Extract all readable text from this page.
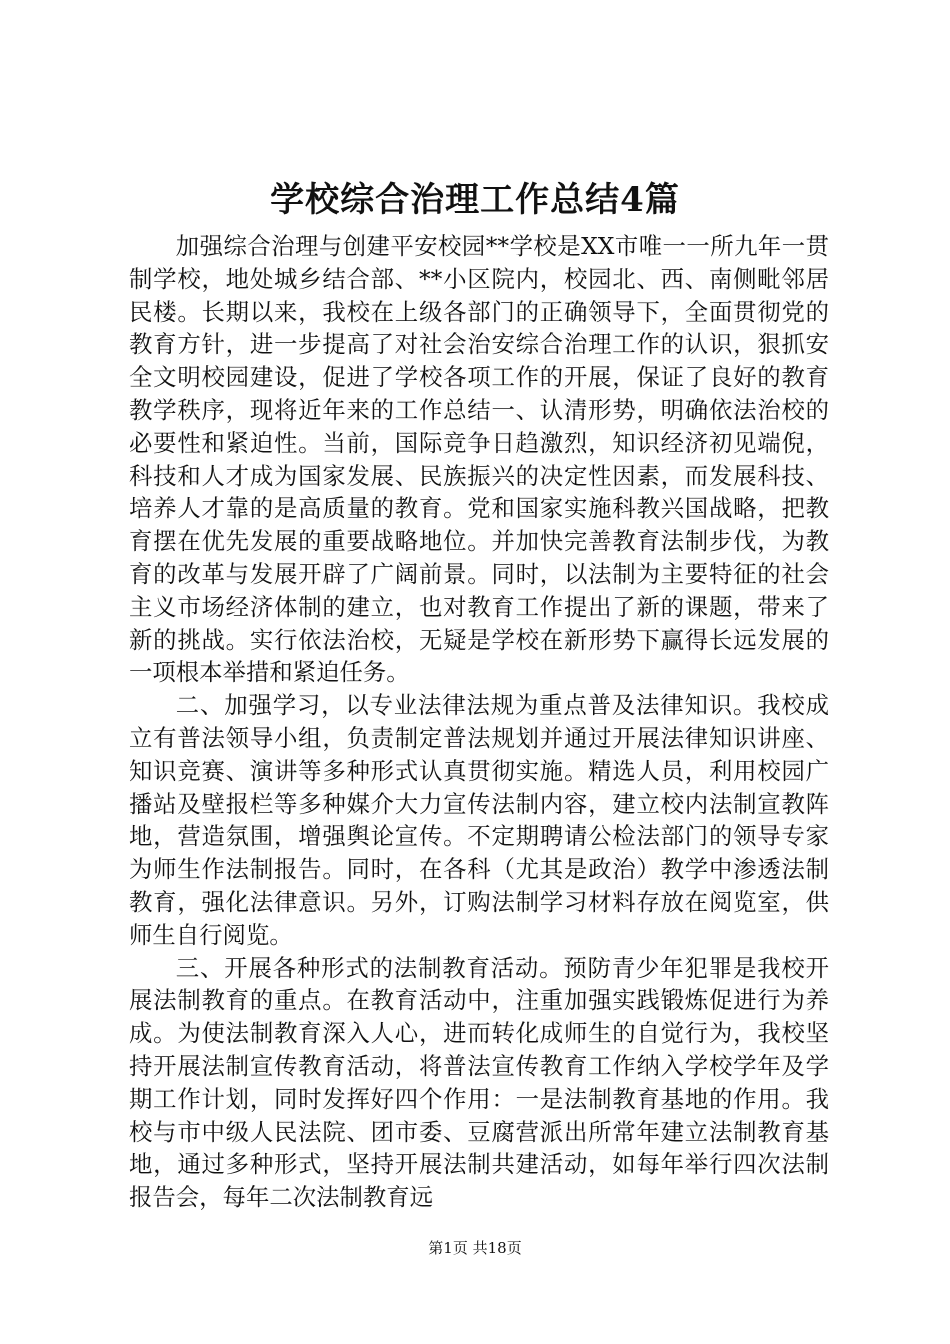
学校综合治理工作总结4篇

加强综合治理与创建平安校园**学校是XX市唯一一所九年一贯制学校，地处城乡结合部、**小区院内，校园北、西、南侧毗邻居民楼。长期以来，我校在上级各部门的正确领导下，全面贯彻党的教育方针，进一步提高了对社会治安综合治理工作的认识，狠抓安全文明校园建设，促进了学校各项工作的开展，保证了良好的教育教学秩序，现将近年来的工作总结一、认清形势，明确依法治校的必要性和紧迫性。当前，国际竞争日趋激烈，知识经济初见端倪，科技和人才成为国家发展、民族振兴的决定性因素，而发展科技、培养人才靠的是高质量的教育。党和国家实施科教兴国战略，把教育摆在优先发展的重要战略地位。并加快完善教育法制步伐，为教育的改革与发展开辟了广阔前景。同时，以法制为主要特征的社会主义市场经济体制的建立，也对教育工作提出了新的课题，带来了新的挑战。实行依法治校，无疑是学校在新形势下赢得长远发展的一项根本举措和紧迫任务。

二、加强学习，以专业法律法规为重点普及法律知识。我校成立有普法领导小组，负责制定普法规划并通过开展法律知识讲座、知识竞赛、演讲等多种形式认真贯彻实施。精选人员，利用校园广播站及壁报栏等多种媒介大力宣传法制内容，建立校内法制宣教阵地，营造氛围，增强舆论宣传。不定期聘请公检法部门的领导专家为师生作法制报告。同时，在各科（尤其是政治）教学中渗透法制教育，强化法律意识。另外，订购法制学习材料存放在阅览室，供师生自行阅览。

三、开展各种形式的法制教育活动。预防青少年犯罪是我校开展法制教育的重点。在教育活动中，注重加强实践锻炼促进行为养成。为使法制教育深入人心，进而转化成师生的自觉行为，我校坚持开展法制宣传教育活动，将普法宣传教育工作纳入学校学年及学期工作计划，同时发挥好四个作用：一是法制教育基地的作用。我校与市中级人民法院、团市委、豆腐营派出所常年建立法制教育基地，通过多种形式，坚持开展法制共建活动，如每年举行四次法制报告会，每年二次法制教育远

第1页 共18页
